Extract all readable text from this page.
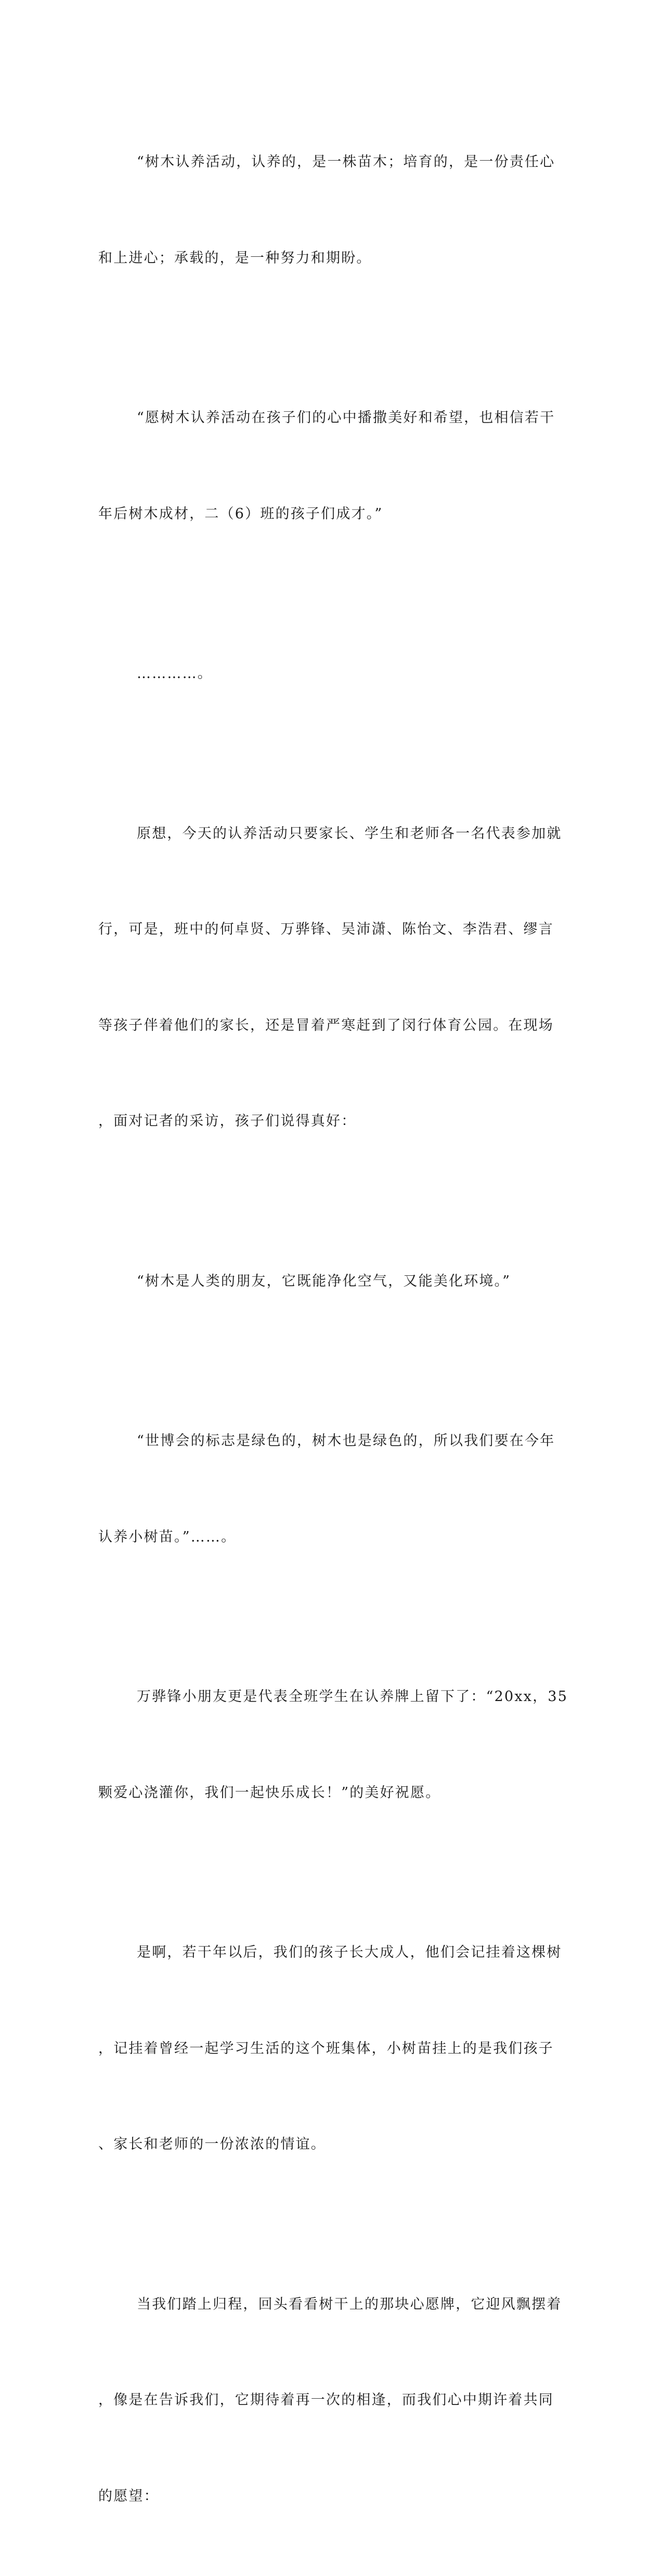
“树木认养活动，认养的，是一株苗木；培育的，是一份责任心

和上进心；承载的，是一种努力和期盼。

“愿树木认养活动在孩子们的心中播撒美好和希望，也相信若干

年后树木成材，二（6）班的孩子们成才。”

…………。

原想，今天的认养活动只要家长、学生和老师各一名代表参加就

行，可是，班中的何卓贤、万骅锋、吴沛潇、陈怡文、李浩君、缪言

等孩子伴着他们的家长，还是冒着严寒赶到了闵行体育公园。在现场

，面对记者的采访，孩子们说得真好：

“树木是人类的朋友，它既能净化空气，又能美化环境。”

“世博会的标志是绿色的，树木也是绿色的，所以我们要在今年

认养小树苗。”……。

万骅锋小朋友更是代表全班学生在认养牌上留下了：“20xx，35

颗爱心浇灌你，我们一起快乐成长！”的美好祝愿。

是啊，若干年以后，我们的孩子长大成人，他们会记挂着这棵树

，记挂着曾经一起学习生活的这个班集体，小树苗挂上的是我们孩子

、家长和老师的一份浓浓的情谊。

当我们踏上归程，回头看看树干上的那块心愿牌，它迎风飘摆着

，像是在告诉我们，它期待着再一次的相逢，而我们心中期许着共同

的愿望：
